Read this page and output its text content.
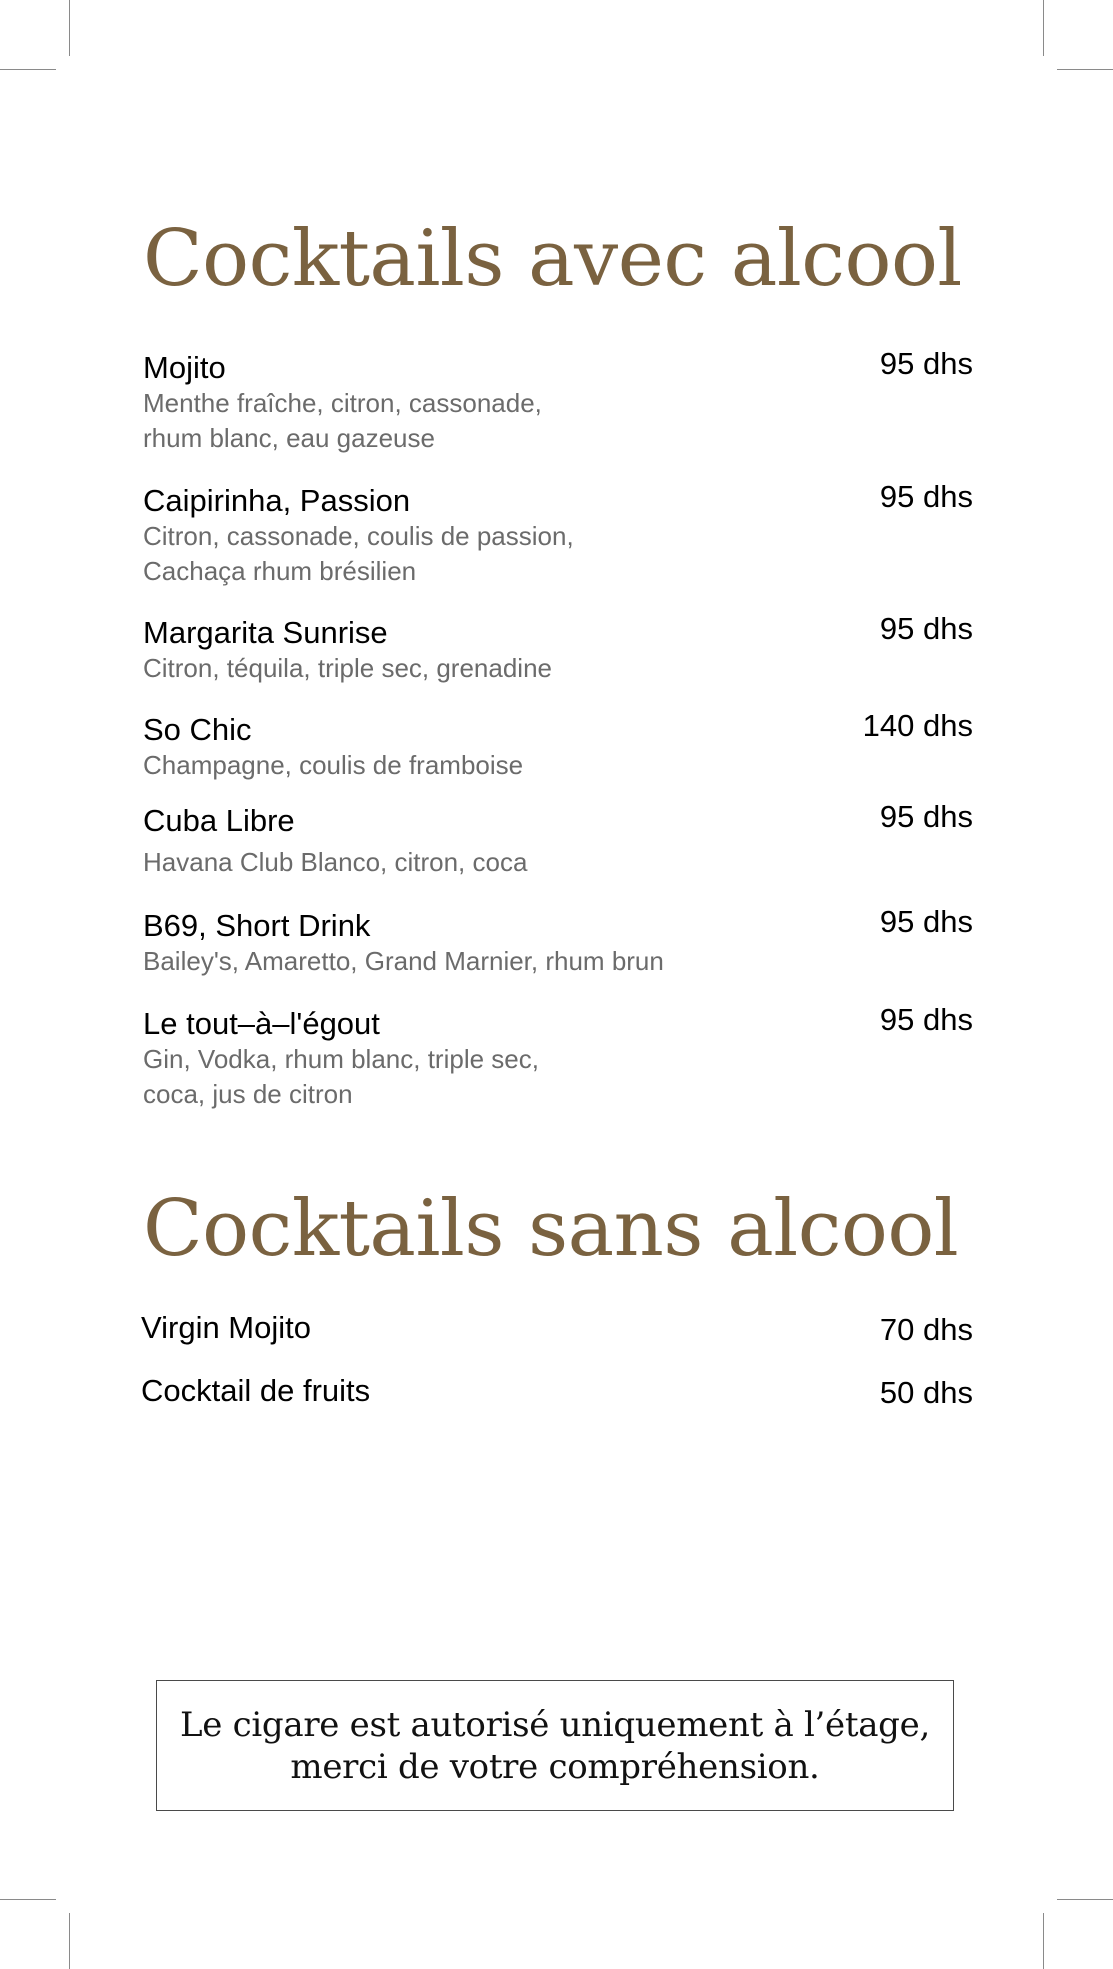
Cocktails avec alcool
Mojito
Menthe fraîche, citron, cassonade,
rhum blanc, eau gazeuse
95 dhs
Caipirinha, Passion
Citron, cassonade, coulis de passion,
Cachaça rhum brésilien
95 dhs
Margarita Sunrise
Citron, téquila, triple sec, grenadine
95 dhs
So Chic
Champagne, coulis de framboise
140 dhs
Cuba Libre
Havana Club Blanco, citron, coca
95 dhs
B69, Short Drink
Bailey's, Amaretto, Grand Marnier, rhum brun
95 dhs
Le tout–à–l'égout
Gin, Vodka, rhum blanc, triple sec,
coca, jus de citron
95 dhs
Cocktails sans alcool
Virgin Mojito	70 dhs
Cocktail de fruits	50 dhs

Le cigare est autorisé uniquement à l’étage,
merci de votre compréhension.
